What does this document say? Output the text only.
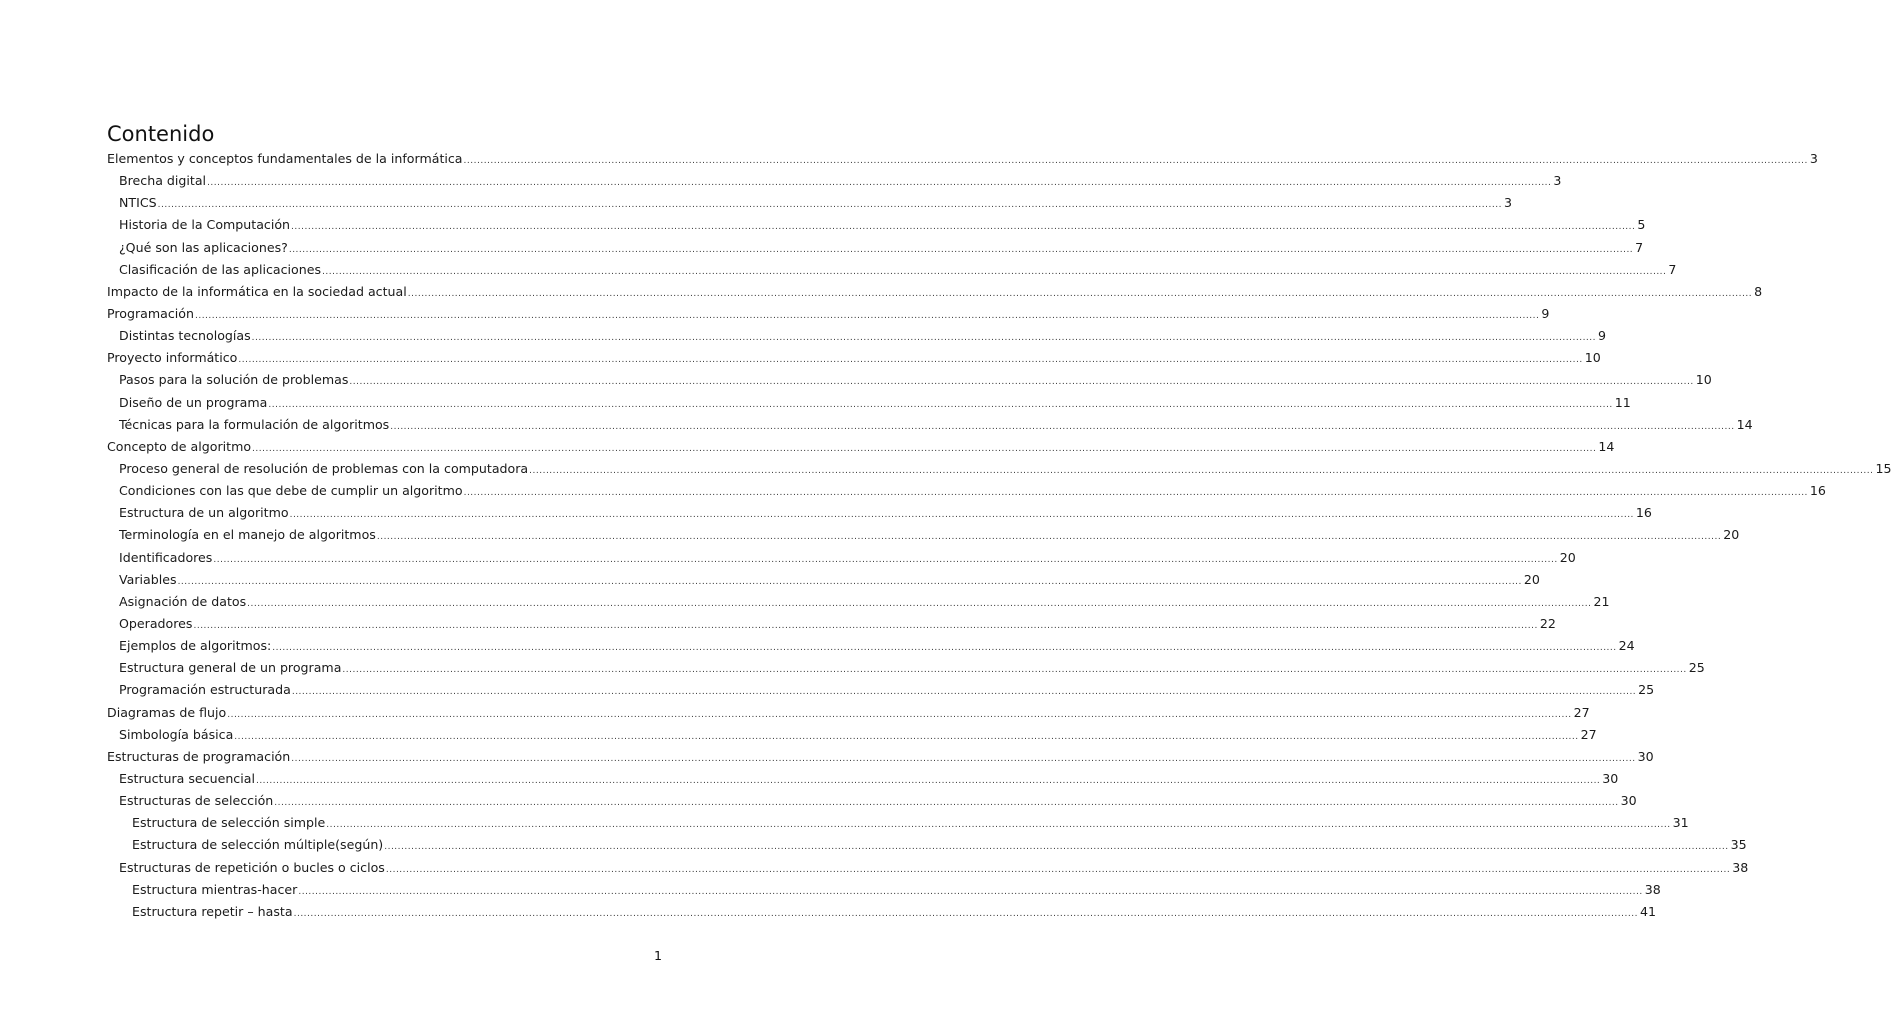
Contenido
Elementos y conceptos fundamentales de la informática ................................................................................................................................................................................................................................................................................................................................................................................................................ 3
Brecha digital ................................................................................................................................................................................................................................................................................................................................................................................................................ 3
NTICS ................................................................................................................................................................................................................................................................................................................................................................................................................ 3
Historia de la Computación ................................................................................................................................................................................................................................................................................................................................................................................................................ 5
¿Qué son las aplicaciones? ................................................................................................................................................................................................................................................................................................................................................................................................................ 7
Clasificación de las aplicaciones ................................................................................................................................................................................................................................................................................................................................................................................................................ 7
Impacto de la informática en la sociedad actual ................................................................................................................................................................................................................................................................................................................................................................................................................ 8
Programación ................................................................................................................................................................................................................................................................................................................................................................................................................ 9
Distintas tecnologías ................................................................................................................................................................................................................................................................................................................................................................................................................ 9
Proyecto informático ................................................................................................................................................................................................................................................................................................................................................................................................................ 10
Pasos para la solución de problemas ................................................................................................................................................................................................................................................................................................................................................................................................................ 10
Diseño de un programa ................................................................................................................................................................................................................................................................................................................................................................................................................ 11
Técnicas para la formulación de algoritmos ................................................................................................................................................................................................................................................................................................................................................................................................................ 14
Concepto de algoritmo ................................................................................................................................................................................................................................................................................................................................................................................................................ 14
Proceso general de resolución de problemas con la computadora ................................................................................................................................................................................................................................................................................................................................................................................................................ 15
Condiciones con las que debe de cumplir un algoritmo ................................................................................................................................................................................................................................................................................................................................................................................................................ 16
Estructura de un algoritmo ................................................................................................................................................................................................................................................................................................................................................................................................................ 16
Terminología en el manejo de algoritmos ................................................................................................................................................................................................................................................................................................................................................................................................................ 20
Identificadores ................................................................................................................................................................................................................................................................................................................................................................................................................ 20
Variables ................................................................................................................................................................................................................................................................................................................................................................................................................ 20
Asignación de datos ................................................................................................................................................................................................................................................................................................................................................................................................................ 21
Operadores ................................................................................................................................................................................................................................................................................................................................................................................................................ 22
Ejemplos de algoritmos: ................................................................................................................................................................................................................................................................................................................................................................................................................ 24
Estructura general de un programa ................................................................................................................................................................................................................................................................................................................................................................................................................ 25
Programación estructurada ................................................................................................................................................................................................................................................................................................................................................................................................................ 25
Diagramas de flujo ................................................................................................................................................................................................................................................................................................................................................................................................................ 27
Simbología básica ................................................................................................................................................................................................................................................................................................................................................................................................................ 27
Estructuras de programación ................................................................................................................................................................................................................................................................................................................................................................................................................ 30
Estructura secuencial ................................................................................................................................................................................................................................................................................................................................................................................................................ 30
Estructuras de selección ................................................................................................................................................................................................................................................................................................................................................................................................................ 30
Estructura de selección simple ................................................................................................................................................................................................................................................................................................................................................................................................................ 31
Estructura de selección múltiple(según) ................................................................................................................................................................................................................................................................................................................................................................................................................ 35
Estructuras de repetición o bucles o ciclos ................................................................................................................................................................................................................................................................................................................................................................................................................ 38
Estructura mientras-hacer ................................................................................................................................................................................................................................................................................................................................................................................................................ 38
Estructura repetir – hasta ................................................................................................................................................................................................................................................................................................................................................................................................................ 41
1
